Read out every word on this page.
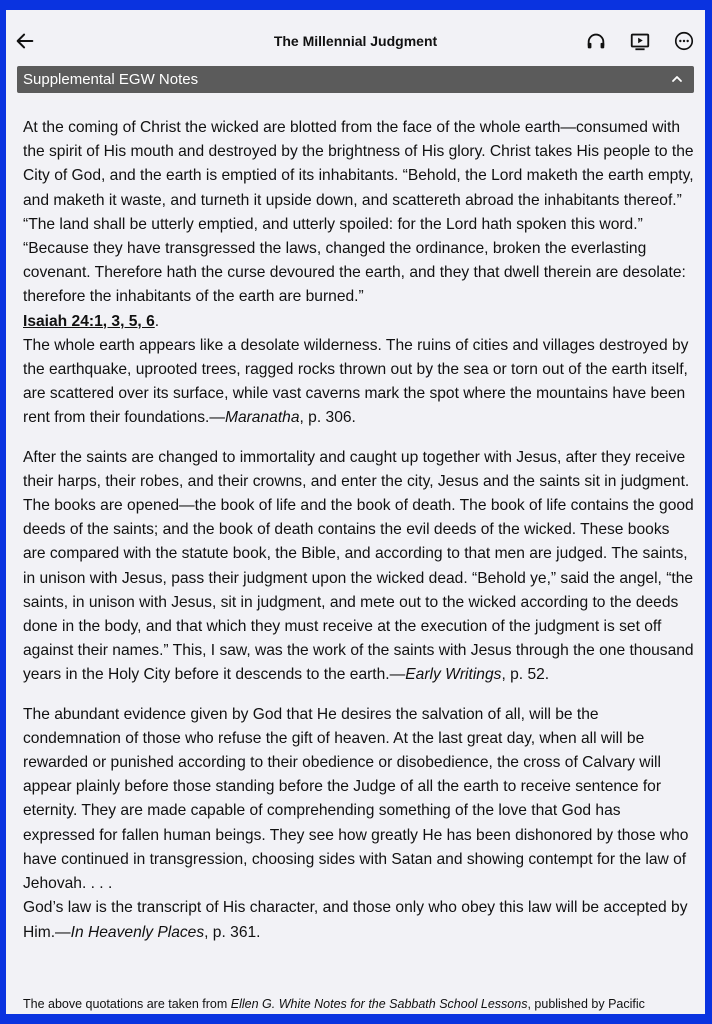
The Millennial Judgment
Supplemental EGW Notes

At the coming of Christ the wicked are blotted from the face of the whole earth—consumed with the spirit of His mouth and destroyed by the brightness of His glory. Christ takes His people to the City of God, and the earth is emptied of its inhabitants. “Behold, the Lord maketh the earth empty, and maketh it waste, and turneth it upside down, and scattereth abroad the inhabitants thereof.” “The land shall be utterly emptied, and utterly spoiled: for the Lord hath spoken this word.” “Because they have transgressed the laws, changed the ordinance, broken the everlasting covenant. Therefore hath the curse devoured the earth, and they that dwell therein are desolate: therefore the inhabitants of the earth are burned.”
Isaiah 24:1, 3, 5, 6.

The whole earth appears like a desolate wilderness. The ruins of cities and villages destroyed by the earthquake, uprooted trees, ragged rocks thrown out by the sea or torn out of the earth itself, are scattered over its surface, while vast caverns mark the spot where the mountains have been rent from their foundations.—Maranatha, p. 306.

After the saints are changed to immortality and caught up together with Jesus, after they receive their harps, their robes, and their crowns, and enter the city, Jesus and the saints sit in judgment. The books are opened—the book of life and the book of death. The book of life contains the good deeds of the saints; and the book of death contains the evil deeds of the wicked. These books are compared with the statute book, the Bible, and according to that men are judged. The saints, in unison with Jesus, pass their judgment upon the wicked dead. “Behold ye,” said the angel, “the saints, in unison with Jesus, sit in judgment, and mete out to the wicked according to the deeds done in the body, and that which they must receive at the execution of the judgment is set off against their names.” This, I saw, was the work of the saints with Jesus through the one thousand years in the Holy City before it descends to the earth.—Early Writings, p. 52.

The abundant evidence given by God that He desires the salvation of all, will be the condemnation of those who refuse the gift of heaven. At the last great day, when all will be rewarded or punished according to their obedience or disobedience, the cross of Calvary will appear plainly before those standing before the Judge of all the earth to receive sentence for eternity. They are made capable of comprehending something of the love that God has expressed for fallen human beings. They see how greatly He has been dishonored by those who have continued in transgression, choosing sides with Satan and showing contempt for the law of Jehovah. . . .

God’s law is the transcript of His character, and those only who obey this law will be accepted by Him.—In Heavenly Places, p. 361.

The above quotations are taken from Ellen G. White Notes for the Sabbath School Lessons, published by Pacific
